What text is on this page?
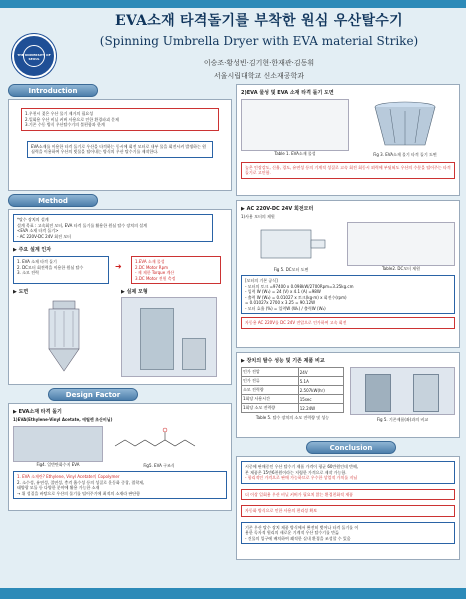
THE UNIVERSITY OF SEOUL
EVA소재 타격돌기를 부착한 원심 우산탈수기
(Spinning Umbrella Dryer with EVA material Strike)
이승조·황성빈·김기현·한재관·김동휘
서울시립대학교 신소재공학과
Introduction
1.우천시 젖은 우산 물기 제거의 필요성
2.일회용 우산 비닐 커버 사용으로 인한 환경파괴 문제
3.기존 수동 방식 우산탈수기의 불편함과 한계
EVA소재를 이용한 타격 돌기로 우산을 타격하는 동시에 회전 모터로 내부 물을 회전시켜 발생하는 원심력을 이용하여 우산의 빗물을 털어내는 방식의 우산 탈수기를 제작한다.
Method
*탈수 장치의 설계
설계 목표 : 고속회전 모터, EVA 타격 돌기를 활용한 원심 탈수 장치의 설계
<EVA 소재 타격 돌기>
- AC 220V-DC 24V 회전 모터
▶ 주요 설계 인자
1. EVA 소재 타격 돌기
2. DC모터 회전력을 이용한 원심 탈수
3. 소모 전력
➜
1.EVA 소재 물성
2.DC Motor Rpm
- 제 제한 Torque 계산
3.DC Motor 전원 측정
▶ 도면	▶ 실제 모형
Design Factor
▶ EVA소재 타격 돌기
1)EVA(Ethylene-Vinyl Acetate, 에틸렌 초산비닐)
Fig4. 일반탄화수지 EVA	Fig5. EVA 구조식
1. EVA 소재란? Ethylene, Vinyl Acetate의 Copolymer
2. 소수성, 유연성, 절연성, 충격 흡수성 등의 성질로 운동화 중창, 접착제,
태양광 모듈 등 다양한 분야에 활용 가능한 소재
→ 위 성질을 바탕으로 우산의 물기를 털어주기에 최적의 소재라 판단함
2)EVA 물성 및 EVA 소재 타격 돌기 도면
Table 1. EVA소재 물성	Fig 3. EVA소재 물기 타격 돌기 도면
높은 인장강도, 신율, 경도, 유연성 등의 기계적 성질로 고속 회전 회동시 외력에 부딪혀도 우산의 수분을 털어주는 타격돌기로 고안함.
▶ AC 220V-DC 24V 회전모터
1)사용 모터의 제원
Fig 5. DC모터 도면	Table2. DC모터 제원
[모터의 기본 공식]
- 모터의 토크 =97400 x 0.098kW/2700Rpm=3.25kg.cm
- 입력 W (W₁) = 24 (V) x 4.1 (A) =98W
- 출력 W (W₂) = 0.01027 x 토크(kg·m) x 회전수(rpm)
= 0.01027x 2700 x 3.25 = 90.12W
- 모터 효율 (%) = 입력W (W₁) / 출력W (W₂)
자동용 AC 220V를 DC 24V 전압으로 인가하여 고속 회전
▶ 장치의 탈수 성능 및 기존 제품 비교
인가 전압	24V
인가 전류	5.1A
소모 전력량	2.507kW(hr)
1회당 사용시간	15sec
1회당 소모 전력량	12.24W
Table 5. 탈수 장치의 소모 전력량 및 성능	Fig 5. 기존제품(좌)과의 비교
Conclusion
시중에 판매중인 우산 탈수기 제품 가격이 평균 60만원인데 반해,
본 제품은 15만6천원이라는 저렴한 가격으로 제작 가능함.
- 합리적인 가격으로 판매 가능하므로 우수한 상업적 가치를 지님
더 이상 일회용 우산 비닐 커버가 필요치 않는 환경친화적 제품
자동화 방식으로 인한 사용의 편리성 확보
기존 우산 탈수 장치 제품 방식에서 완전히 벗어나 타격 돌기를 이
용한 독자적 원리의 새로운 기계적 우산 탈수기를 만듦
- 건물의 입구에 배치하여 쾌적한 실내 환경을 조성할 수 있음
